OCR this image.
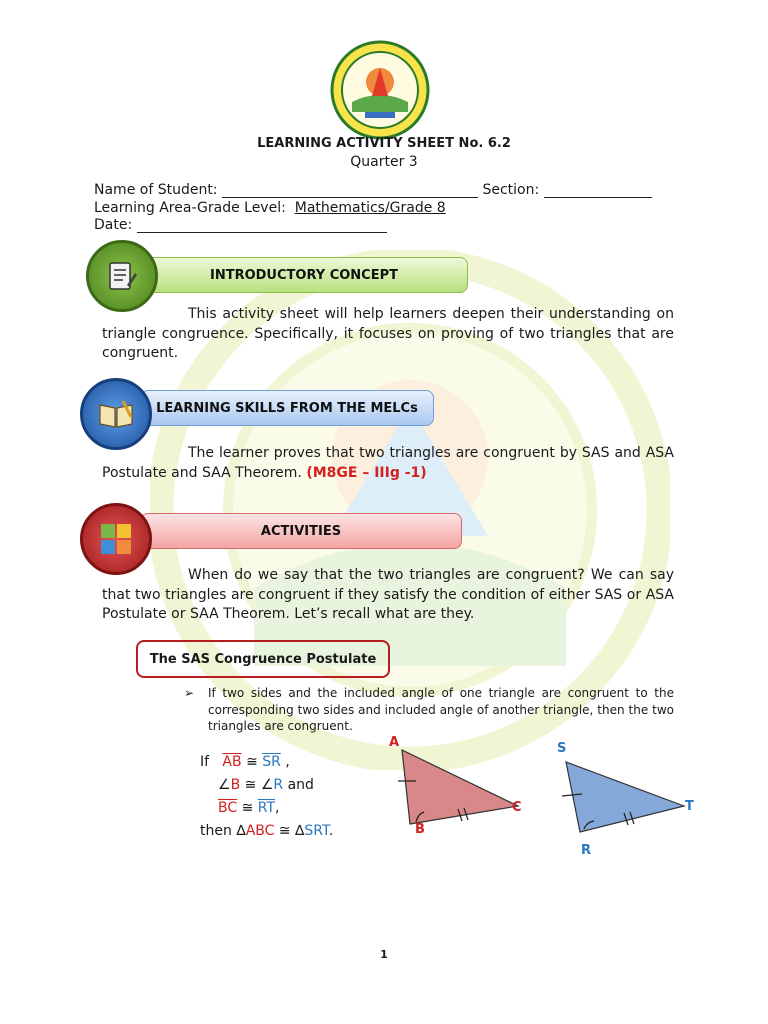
LEARNING ACTIVITY SHEET No. 6.2
Quarter 3
Name of Student:	Section:
Learning Area-Grade Level: Mathematics/Grade 8
Date:
INTRODUCTORY CONCEPT
This activity sheet will help learners deepen their understanding on triangle congruence. Specifically, it focuses on proving of two triangles that are congruent.
LEARNING SKILLS FROM THE MELCs
The learner proves that two triangles are congruent by SAS and ASA Postulate and SAA Theorem. (M8GE – IIIg -1)
ACTIVITIES
When do we say that the two triangles are congruent? We can say that two triangles are congruent if they satisfy the condition of either SAS or ASA Postulate or SAA Theorem. Let’s recall what are they.
The SAS Congruence Postulate
➢ If two sides and the included angle of one triangle are congruent to the corresponding two sides and included angle of another triangle, then the two triangles are congruent.
If $\overline{AB}$ ≅ $\overline{SR}$ ,
∠B ≅ ∠R and
$\overline{BC}$ ≅ $\overline{RT}$,
then ∆ABC ≅ ∆SRT.
A
B
C
S
R
T
1
